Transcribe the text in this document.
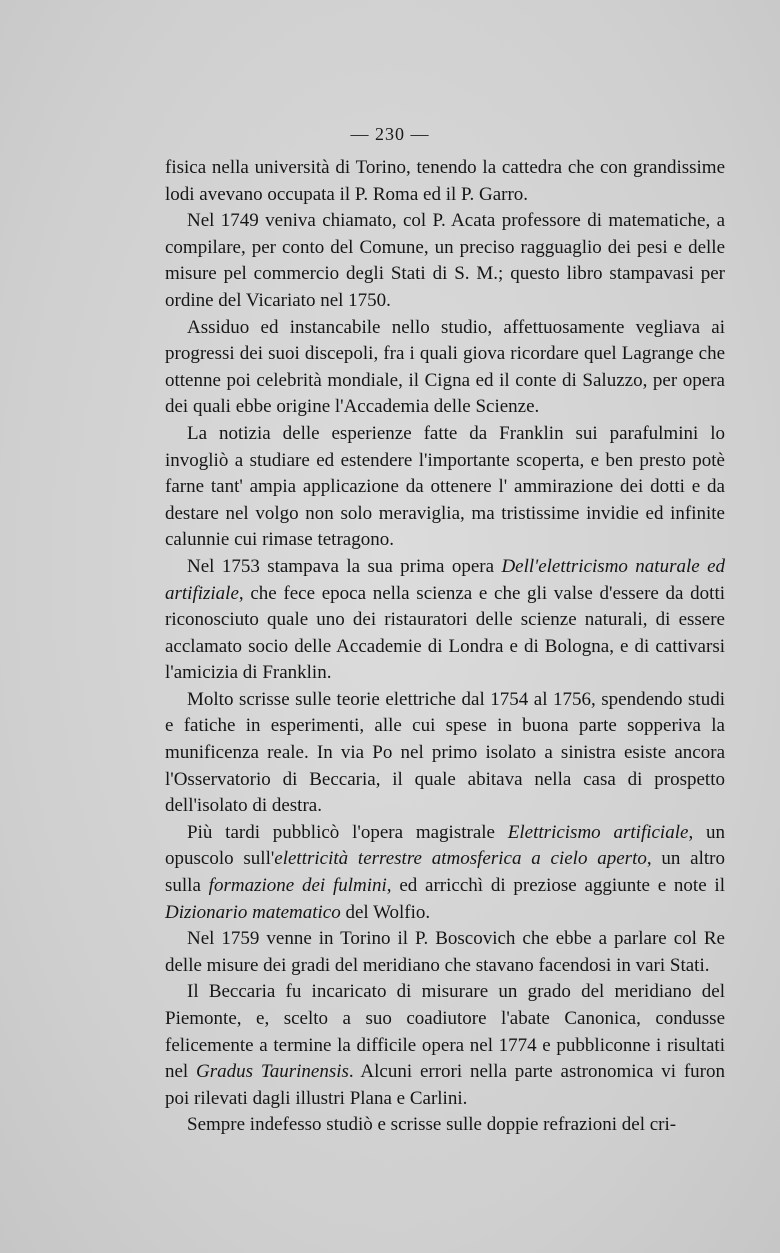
— 230 —

fisica nella università di Torino, tenendo la cattedra che con grandissime lodi avevano occupata il P. Roma ed il P. Garro.

Nel 1749 veniva chiamato, col P. Acata professore di matematiche, a compilare, per conto del Comune, un preciso ragguaglio dei pesi e delle misure pel commercio degli Stati di S. M.; questo libro stampavasi per ordine del Vicariato nel 1750.

Assiduo ed instancabile nello studio, affettuosamente vegliava ai progressi dei suoi discepoli, fra i quali giova ricordare quel Lagrange che ottenne poi celebrità mondiale, il Cigna ed il conte di Saluzzo, per opera dei quali ebbe origine l'Accademia delle Scienze.

La notizia delle esperienze fatte da Franklin sui parafulmini lo invogliò a studiare ed estendere l'importante scoperta, e ben presto potè farne tant' ampia applicazione da ottenere l' ammirazione dei dotti e da destare nel volgo non solo meraviglia, ma tristissime invidie ed infinite calunnie cui rimase tetragono.

Nel 1753 stampava la sua prima opera Dell'elettricismo naturale ed artifiziale, che fece epoca nella scienza e che gli valse d'essere da dotti riconosciuto quale uno dei ristauratori delle scienze naturali, di essere acclamato socio delle Accademie di Londra e di Bologna, e di cattivarsi l'amicizia di Franklin.

Molto scrisse sulle teorie elettriche dal 1754 al 1756, spendendo studi e fatiche in esperimenti, alle cui spese in buona parte sopperiva la munificenza reale. In via Po nel primo isolato a sinistra esiste ancora l'Osservatorio di Beccaria, il quale abitava nella casa di prospetto dell'isolato di destra.

Più tardi pubblicò l'opera magistrale Elettricismo artificiale, un opuscolo sull'elettricità terrestre atmosferica a cielo aperto, un altro sulla formazione dei fulmini, ed arricchì di preziose aggiunte e note il Dizionario matematico del Wolfio.

Nel 1759 venne in Torino il P. Boscovich che ebbe a parlare col Re delle misure dei gradi del meridiano che stavano facendosi in vari Stati.

Il Beccaria fu incaricato di misurare un grado del meridiano del Piemonte, e, scelto a suo coadiutore l'abate Canonica, condusse felicemente a termine la difficile opera nel 1774 e pubbliconne i risultati nel Gradus Taurinensis. Alcuni errori nella parte astronomica vi furon poi rilevati dagli illustri Plana e Carlini.

Sempre indefesso studiò e scrisse sulle doppie refrazioni del cri-
